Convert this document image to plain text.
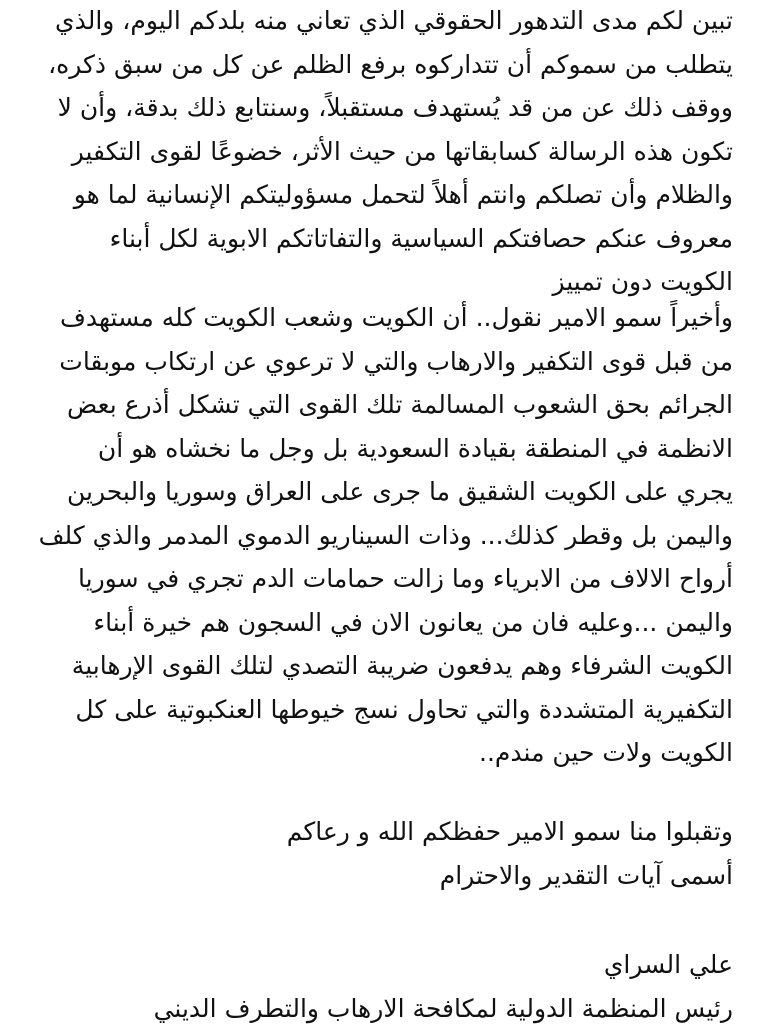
تبين لكم مدى التدهور الحقوقي الذي تعاني منه بلدكم اليوم، والذي
يتطلب من سموكم أن تتداركوه برفع الظلم عن كل من سبق ذكره،
ووقف ذلك عن من قد يُستهدف مستقبلاً، وسنتابع ذلك بدقة، وأن لا
تكون هذه الرسالة كسابقاتها من حيث الأثر، خضوعًا لقوى التكفير
والظلام وأن تصلكم وانتم أهلاً لتحمل مسؤوليتكم الإنسانية لما هو
معروف عنكم حصافتكم السياسية والتفاتاتكم الابوية لكل أبناء
الكويت دون تمييز
وأخيراً سمو الامير نقول.. أن الكويت وشعب الكويت كله مستهدف
من قبل قوى التكفير والارهاب والتي لا ترعوي عن ارتكاب موبقات
الجرائم بحق الشعوب المسالمة تلك القوى التي تشكل أذرع بعض
الانظمة في المنطقة بقيادة السعودية بل وجل ما نخشاه هو أن
يجري على الكويت الشقيق ما جرى على العراق وسوريا والبحرين
واليمن بل وقطر كذلك... وذات السيناريو الدموي المدمر والذي كلف
أرواح الالاف من الابرياء وما زالت حمامات الدم تجري في سوريا
واليمن ...وعليه فان من يعانون الان في السجون هم خيرة أبناء
الكويت الشرفاء وهم يدفعون ضريبة التصدي لتلك القوى الإرهابية
التكفيرية المتشددة والتي تحاول نسج خيوطها العنكبوتية على كل
الكويت ولات حين مندم..
وتقبلوا منا سمو الامير حفظكم الله و رعاكم
أسمى آيات التقدير والاحترام
علي السراي
رئيس المنظمة الدولية لمكافحة الارهاب والتطرف الديني
